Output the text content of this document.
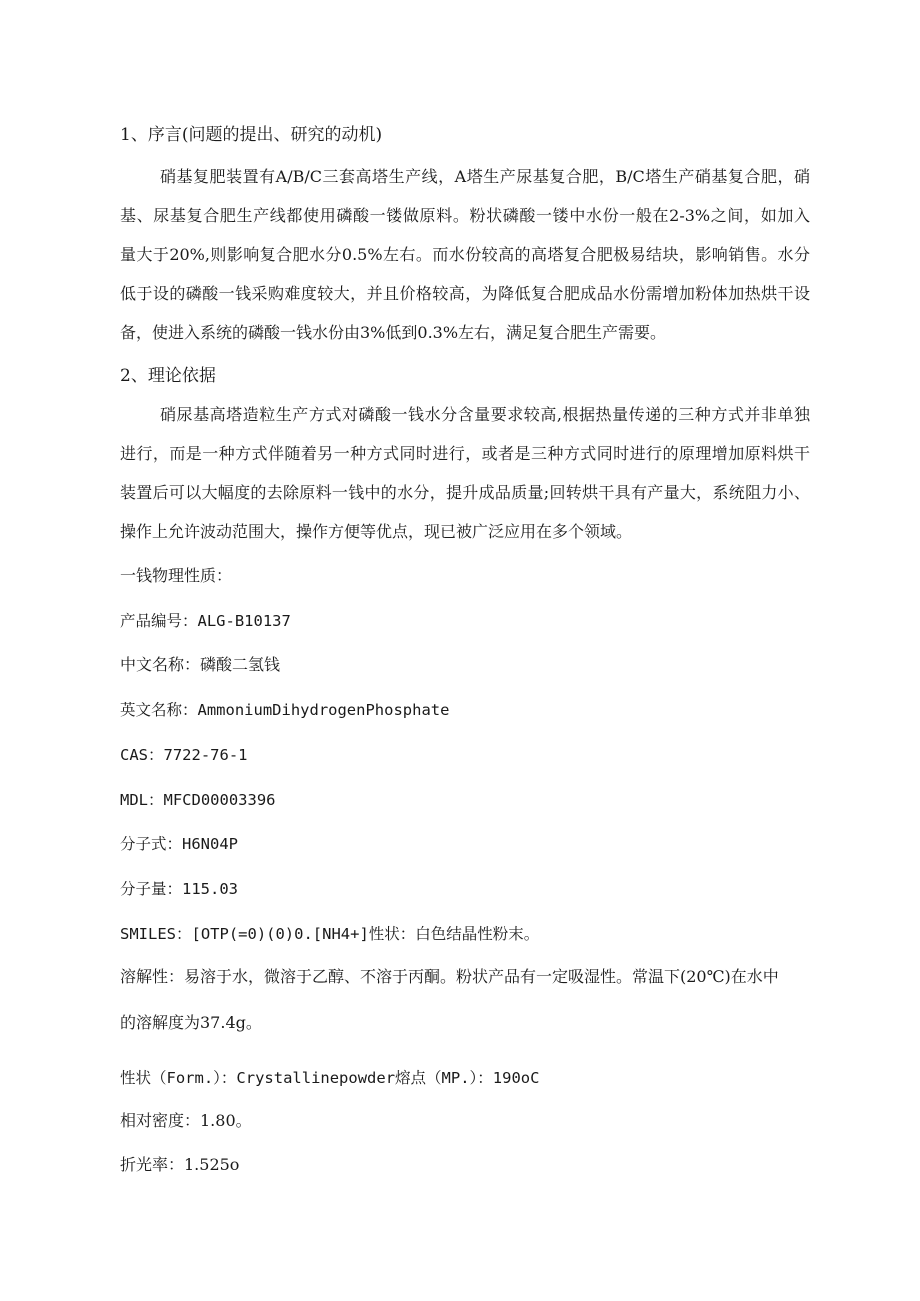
1、序言(问题的提出、研究的动机)
硝基复肥装置有A/B/C三套高塔生产线，A塔生产尿基复合肥，B/C塔生产硝基复合肥，硝
基、尿基复合肥生产线都使用磷酸一镂做原料。粉状磷酸一镂中水份一般在2-3%之间，如加入
量大于20%,则影响复合肥水分0.5%左右。而水份较高的高塔复合肥极易结块，影响销售。水分
低于设的磷酸一钱采购难度较大，并且价格较高，为降低复合肥成品水份需增加粉体加热烘干设
备，使进入系统的磷酸一钱水份由3%低到0.3%左右，满足复合肥生产需要。
2、理论依据
硝尿基高塔造粒生产方式对磷酸一钱水分含量要求较高,根据热量传递的三种方式并非单独
进行，而是一种方式伴随着另一种方式同时进行，或者是三种方式同时进行的原理增加原料烘干
装置后可以大幅度的去除原料一钱中的水分，提升成品质量;回转烘干具有产量大，系统阻力小、
操作上允许波动范围大，操作方便等优点，现已被广泛应用在多个领域。
一钱物理性质：
产品编号：ALG-B10137
中文名称：磷酸二氢钱
英文名称：AmmoniumDihydrogenPhosphate
CAS：7722-76-1
MDL：MFCD00003396
分子式：H6N04P
分子量：115.03
SMILES：[OTP(=0)(0)0.[NH4+]性状：白色结晶性粉末。
溶解性：易溶于水，微溶于乙醇、不溶于丙酮。粉状产品有一定吸湿性。常温下(20℃)在水中
的溶解度为37.4g。
性状（Form.）：Crystallinepowder熔点（MP.）：190oC
相对密度：1.80。
折光率：1.525o
